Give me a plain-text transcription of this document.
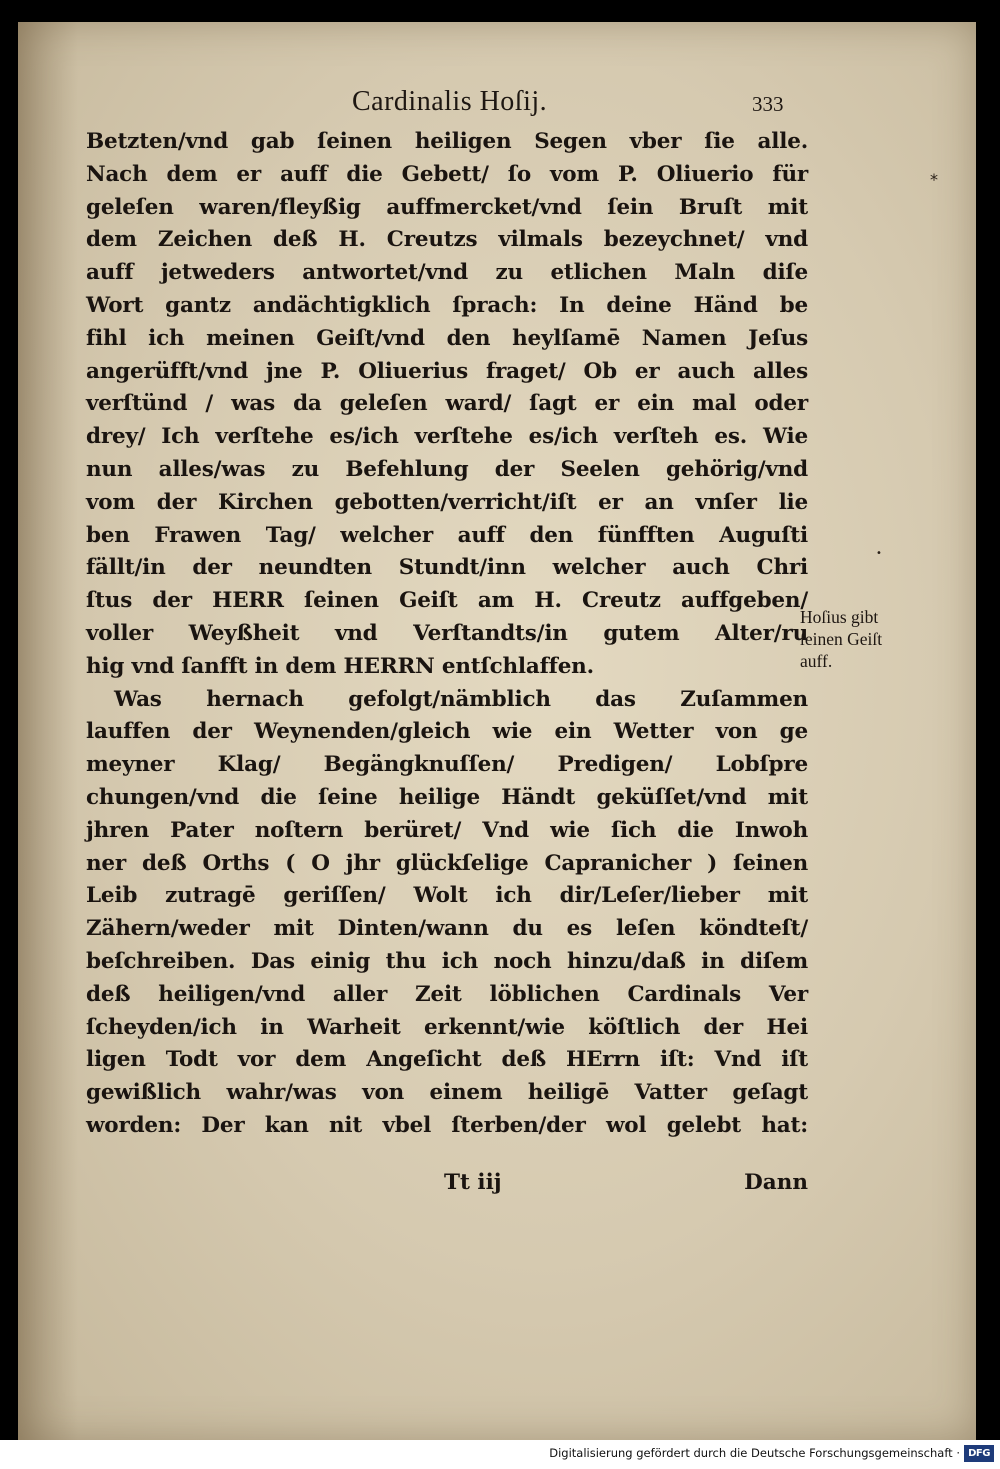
Cardinalis Hoſij.	333
Betzten/vnd gab ſeinen heiligen Segen vber ſie alle.
Nach dem er auff die Gebett/ ſo vom P. Oliuerio für
geleſen waren/fleyßig auffmercket/vnd ſein Bruſt mit
dem Zeichen deß H. Creutzs vilmals bezeychnet/ vnd
auff jetweders antwortet/vnd zu etlichen Maln diſe
Wort gantz andächtigklich ſprach: In deine Händ be
fihl ich meinen Geiſt/vnd den heylſamē Namen Jeſus
angerüfft/vnd jne P. Oliuerius fraget/ Ob er auch alles
verſtünd / was da geleſen ward/ ſagt er ein mal oder
drey/ Ich verſtehe es/ich verſtehe es/ich verſteh es. Wie
nun alles/was zu Befehlung der Seelen gehörig/vnd
vom der Kirchen gebotten/verricht/iſt er an vnſer lie
ben Frawen Tag/ welcher auff den fünfften Auguſti
fällt/in der neundten Stundt/inn welcher auch Chri
ſtus der HERR ſeinen Geiſt am H. Creutz auffgeben/
voller Weyßheit vnd Verſtandts/in gutem Alter/ru
hig vnd ſanfft in dem HERRN entſchlaffen.
Was hernach gefolgt/nämblich das Zuſammen
lauffen der Weynenden/gleich wie ein Wetter von ge
meyner Klag/ Begängknuſſen/ Predigen/ Lobſpre
chungen/vnd die ſeine heilige Händt geküſſet/vnd mit
jhren Pater noſtern berüret/ Vnd wie ſich die Inwoh
ner deß Orths ( O jhr glückſelige Capranicher ) ſeinen
Leib zutragē geriſſen/ Wolt ich dir/Leſer/lieber mit
Zähern/weder mit Dinten/wann du es leſen köndteſt/
beſchreiben. Das einig thu ich noch hinzu/daß in diſem
deß heiligen/vnd aller Zeit löblichen Cardinals Ver
ſcheyden/ich in Warheit erkennt/wie köſtlich der Hei
ligen Todt vor dem Angeſicht deß HErrn iſt: Vnd iſt
gewißlich wahr/was von einem heiligē Vatter geſagt
worden: Der kan nit vbel ſterben/der wol gelebt hat:
Hoſius gibt
ſeinen Geiſt
auff.
Tt iij	Dann
*
•
Digitalisierung gefördert durch die Deutsche Forschungsgemeinschaft · DFG
